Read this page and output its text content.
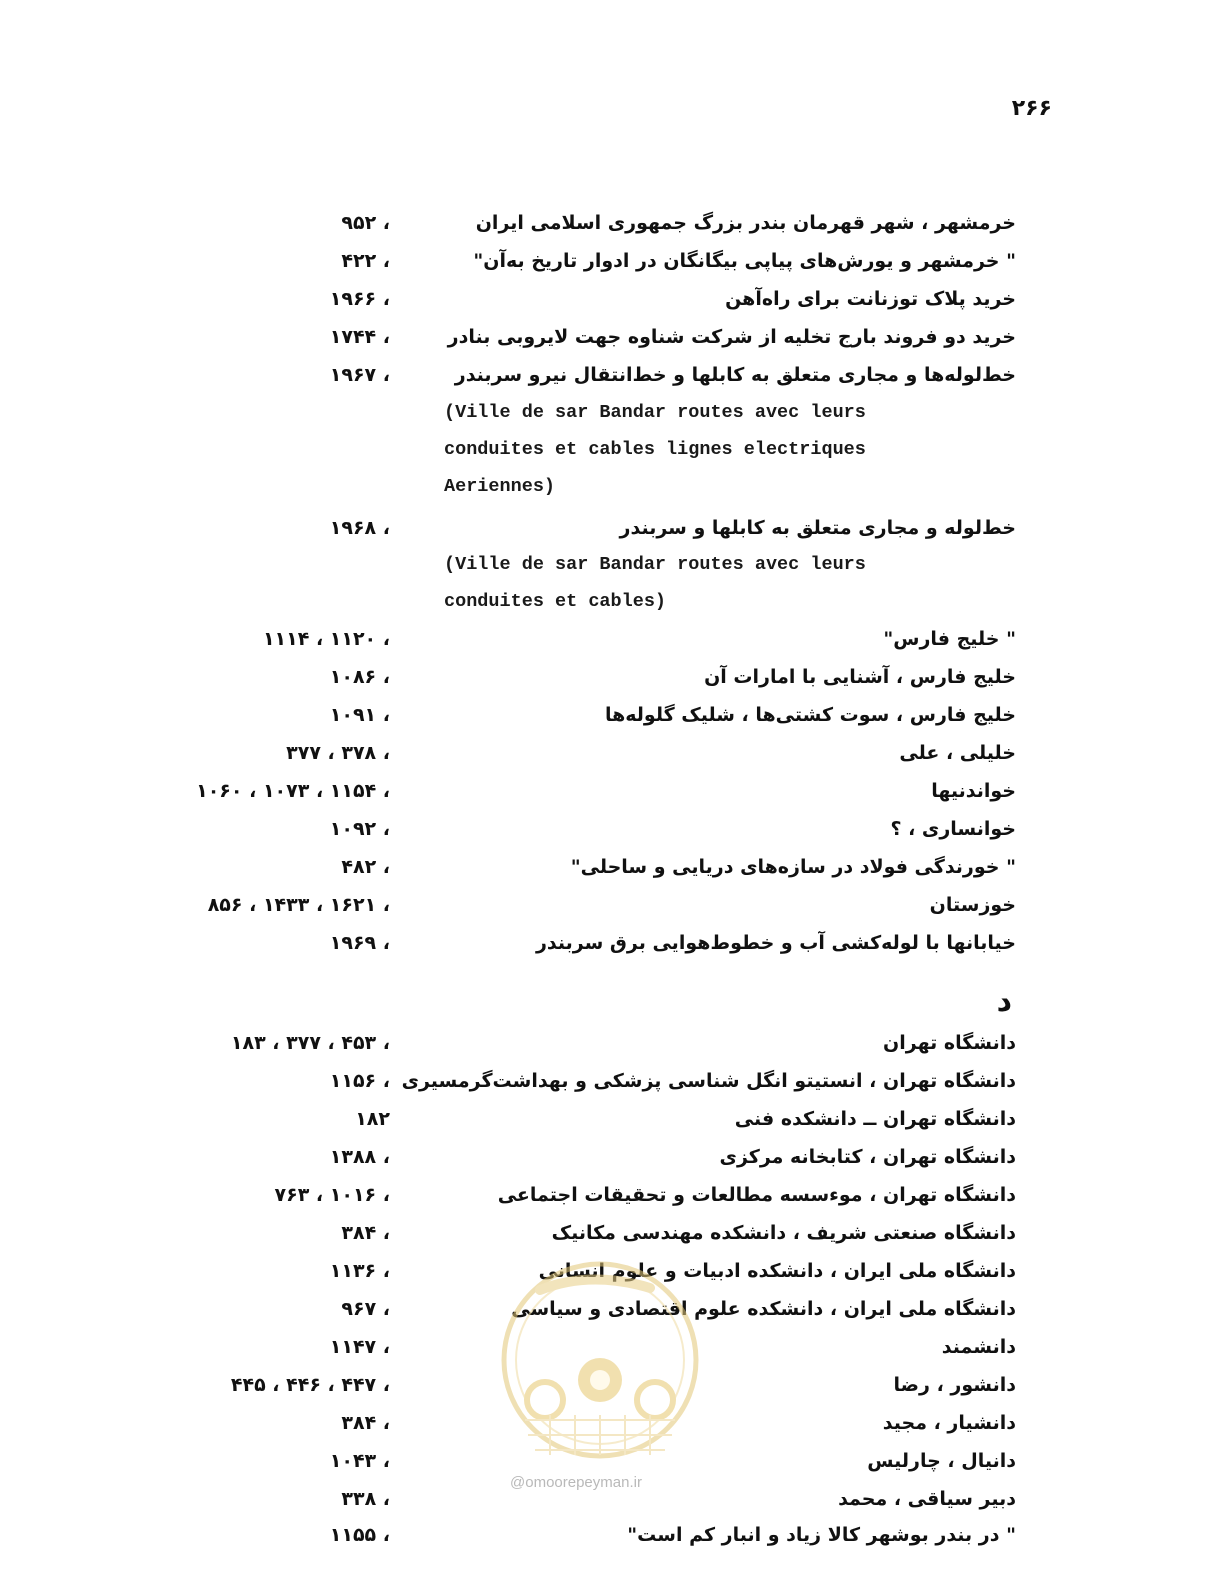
۲۶۶
خرمشهر ، شهر قهرمان بندر بزرگ جمهوری اسلامی ایران
۹۵۲ ،
" خرمشهر و یورش‌های پیاپی بیگانگان در ادوار تاریخ به‌آن"
۴۲۲ ،
خرید پلاک توزنانت برای راه‌آهن
۱۹۶۶ ،
خرید دو فروند بارج تخلیه از شرکت شناوه جهت لایروبی بنادر
۱۷۴۴ ،
خط‌لوله‌ها و مجاری متعلق به کابلها و خط‌انتقال نیرو سربندر
۱۹۶۷ ،
(Ville de sar Bandar routes avec leurs
conduites et cables lignes electriques
Aeriennes)
خط‌لوله و مجاری متعلق به کابلها و سربندر
۱۹۶۸ ،
(Ville de sar Bandar routes avec leurs
conduites et cables)
" خلیج فارس"
۱۱۱۴ ، ۱۱۲۰ ،
خلیج فارس ، آشنایی با امارات آن
۱۰۸۶ ،
خلیج فارس ، سوت کشتی‌ها ، شلیک گلوله‌ها
۱۰۹۱ ،
خلیلی ، علی
۳۷۷ ، ۳۷۸ ،
خواندنیها
۱۰۶۰ ، ۱۰۷۳ ، ۱۱۵۴ ،
خوانساری ، ؟
۱۰۹۲ ،
" خورندگی فولاد در سازه‌های دریایی و ساحلی"
۴۸۲ ،
خوزستان
۸۵۶ ، ۱۴۳۳ ، ۱۶۲۱ ،
خیابانها با لوله‌کشی آب و خطوط‌هوایی برق سربندر
۱۹۶۹ ،
د
دانشگاه تهران
۱۸۳ ، ۳۷۷ ، ۴۵۳ ،
دانشگاه تهران ، انستیتو انگل شناسی پزشکی و بهداشت‌گرمسیری
۱۱۵۶ ،
دانشگاه تهران ــ دانشکده فنی
۱۸۲
دانشگاه تهران ، کتابخانه مرکزی
۱۳۸۸ ،
دانشگاه تهران ، موءسسه مطالعات و تحقیقات اجتماعی
۷۶۳ ، ۱۰۱۶ ،
دانشگاه صنعتی شریف ، دانشکده مهندسی مکانیک
۳۸۴ ،
دانشگاه ملی ایران ، دانشکده ادبیات و علوم انسانی
۱۱۳۶ ،
دانشگاه ملی ایران ، دانشکده علوم اقتصادی و سیاسی
۹۶۷ ،
دانشمند
۱۱۴۷ ،
دانشور ، رضا
۴۴۵ ، ۴۴۶ ، ۴۴۷ ،
دانشیار ، مجید
۳۸۴ ،
دانیال ، چارلیس
۱۰۴۳ ،
دبیر سیاقی ، محمد
۳۳۸ ،
" در بندر بوشهر کالا زیاد و انبار کم است"
۱۱۵۵ ،
@omoorepeyman.ir
